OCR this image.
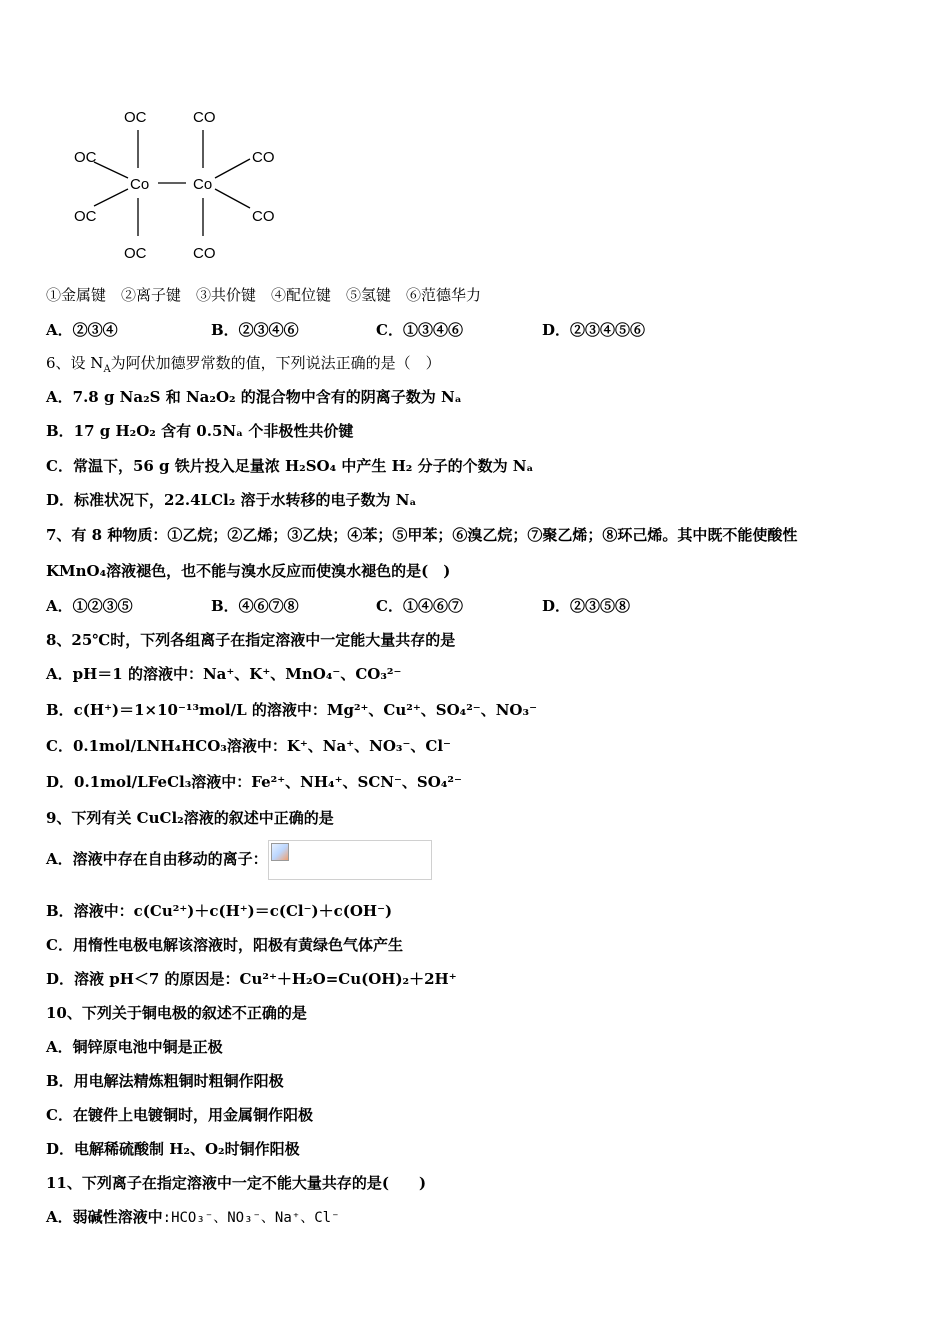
OC	CO
OC	CO
Co	Co
OC	CO
OC	CO
①金属键　②离子键　③共价键　④配位键　⑤氢键　⑥范德华力
A．②③④	B．②③④⑥	C．①③④⑥	D．②③④⑤⑥
6、设 $N_A$为阿伏加德罗常数的值，下列说法正确的是（　）
A．7.8 g Na₂S 和 Na₂O₂ 的混合物中含有的阴离子数为 Nₐ
B．17 g H₂O₂ 含有 0.5Nₐ 个非极性共价键
C．常温下，56 g 铁片投入足量浓 H₂SO₄ 中产生 H₂ 分子的个数为 Nₐ
D．标准状况下，22.4LCl₂ 溶于水转移的电子数为 Nₐ
7、有 8 种物质：①乙烷；②乙烯；③乙炔；④苯；⑤甲苯；⑥溴乙烷；⑦聚乙烯；⑧环己烯。其中既不能使酸性
KMnO₄溶液褪色，也不能与溴水反应而使溴水褪色的是(　)
A．①②③⑤	B．④⑥⑦⑧	C．①④⑥⑦	D．②③⑤⑧
8、25℃时，下列各组离子在指定溶液中一定能大量共存的是
A．pH＝1 的溶液中：Na⁺、K⁺、MnO₄⁻、CO₃²⁻
B．c(H⁺)＝1×10⁻¹³mol/L 的溶液中：Mg²⁺、Cu²⁺、SO₄²⁻、NO₃⁻
C．0.1mol/LNH₄HCO₃溶液中：K⁺、Na⁺、NO₃⁻、Cl⁻
D．0.1mol/LFeCl₃溶液中：Fe²⁺、NH₄⁺、SCN⁻、SO₄²⁻
9、下列有关 CuCl₂溶液的叙述中正确的是
A．溶液中存在自由移动的离子：
B．溶液中：c(Cu²⁺)＋c(H⁺)＝c(Cl⁻)＋c(OH⁻)
C．用惰性电极电解该溶液时，阳极有黄绿色气体产生
D．溶液 pH＜7 的原因是：Cu²⁺＋H₂O=Cu(OH)₂＋2H⁺
10、下列关于铜电极的叙述不正确的是
A．铜锌原电池中铜是正极
B．用电解法精炼粗铜时粗铜作阳极
C．在镀件上电镀铜时，用金属铜作阳极
D．电解稀硫酸制 H₂、O₂时铜作阳极
11、下列离子在指定溶液中一定不能大量共存的是(　　)
A．弱碱性溶液中:HCO₃⁻、NO₃⁻、Na⁺、Cl⁻
